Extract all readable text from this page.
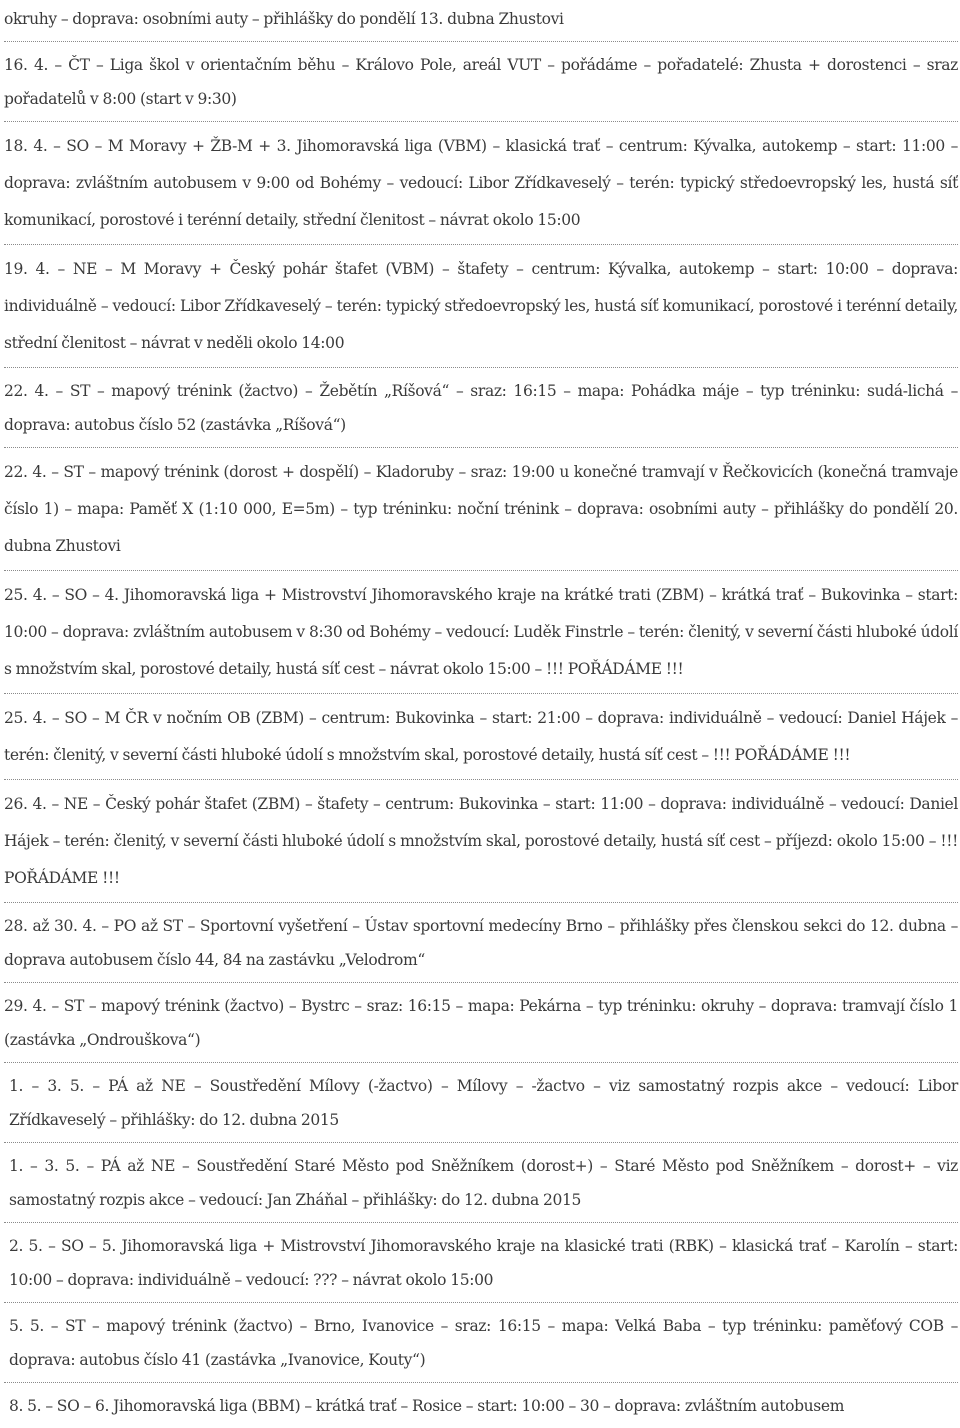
okruhy – doprava: osobními auty – přihlášky do pondělí 13. dubna Zhustovi

16. 4. – ČT – Liga škol v orientačním běhu – Královo Pole, areál VUT – pořádáme – pořadatelé: Zhusta + dorostenci – sraz pořadatelů v 8:00 (start v 9:30)

18. 4. – SO – M Moravy + ŽB-M + 3. Jihomoravská liga (VBM) – klasická trať – centrum: Kývalka, autokemp – start: 11:00 – doprava: zvláštním autobusem v 9:00 od Bohémy – vedoucí: Libor Zřídkaveselý – terén: typický středoevropský les, hustá síť komunikací, porostové i terénní detaily, střední členitost – návrat okolo 15:00

19. 4. – NE – M Moravy + Český pohár štafet (VBM) – štafety – centrum: Kývalka, autokemp – start: 10:00 – doprava: individuálně – vedoucí: Libor Zřídkaveselý – terén: typický středoevropský les, hustá síť komunikací, porostové i terénní detaily, střední členitost – návrat v neděli okolo 14:00

22. 4. – ST – mapový trénink (žactvo) – Žebětín „Ríšová“ – sraz: 16:15 – mapa: Pohádka máje – typ tréninku: sudá-lichá – doprava: autobus číslo 52 (zastávka „Ríšová“)

22. 4. – ST – mapový trénink (dorost + dospělí) – Kladoruby – sraz: 19:00 u konečné tramvají v Řečkovicích (konečná tramvaje číslo 1) – mapa: Paměť X (1:10 000, E=5m) – typ tréninku: noční trénink – doprava: osobními auty – přihlášky do pondělí 20. dubna Zhustovi

25. 4. – SO – 4. Jihomoravská liga + Mistrovství Jihomoravského kraje na krátké trati (ZBM) – krátká trať – Bukovinka – start: 10:00 – doprava: zvláštním autobusem v 8:30 od Bohémy – vedoucí: Luděk Finstrle – terén: členitý, v severní části hluboké údolí s množstvím skal, porostové detaily, hustá síť cest – návrat okolo 15:00 – !!! POŘÁDÁME !!!

25. 4. – SO – M ČR v nočním OB (ZBM) – centrum: Bukovinka – start: 21:00 – doprava: individuálně – vedoucí: Daniel Hájek – terén: členitý, v severní části hluboké údolí s množstvím skal, porostové detaily, hustá síť cest – !!! POŘÁDÁME !!!

26. 4. – NE – Český pohár štafet (ZBM) – štafety – centrum: Bukovinka – start: 11:00 – doprava: individuálně – vedoucí: Daniel Hájek – terén: členitý, v severní části hluboké údolí s množstvím skal, porostové detaily, hustá síť cest – příjezd: okolo 15:00 – !!! POŘÁDÁME !!!

28. až 30. 4. – PO až ST – Sportovní vyšetření – Ústav sportovní medecíny Brno – přihlášky přes členskou sekci do 12. dubna – doprava autobusem číslo 44, 84 na zastávku „Velodrom“

29. 4. – ST – mapový trénink (žactvo) – Bystrc – sraz: 16:15 – mapa: Pekárna – typ tréninku: okruhy – doprava: tramvají číslo 1 (zastávka „Ondrouškova“)

1. – 3. 5. – PÁ až NE – Soustředění Mílovy (-žactvo) – Mílovy – -žactvo – viz samostatný rozpis akce – vedoucí: Libor Zřídkaveselý – přihlášky: do 12. dubna 2015

1. – 3. 5. – PÁ až NE – Soustředění Staré Město pod Sněžníkem (dorost+) – Staré Město pod Sněžníkem – dorost+ – viz samostatný rozpis akce – vedoucí: Jan Zháňal – přihlášky: do 12. dubna 2015

2. 5. – SO – 5. Jihomoravská liga + Mistrovství Jihomoravského kraje na klasické trati (RBK) – klasická trať – Karolín – start: 10:00 – doprava: individuálně – vedoucí: ??? – návrat okolo 15:00

5. 5. – ST – mapový trénink (žactvo) – Brno, Ivanovice – sraz: 16:15 – mapa: Velká Baba – typ tréninku: paměťový COB – doprava: autobus číslo 41 (zastávka „Ivanovice, Kouty“)

8. 5. – SO – 6. Jihomoravská liga (BBM) – krátká trať – Rosice – start: 10:00 – 30 – doprava: zvláštním autobusem
